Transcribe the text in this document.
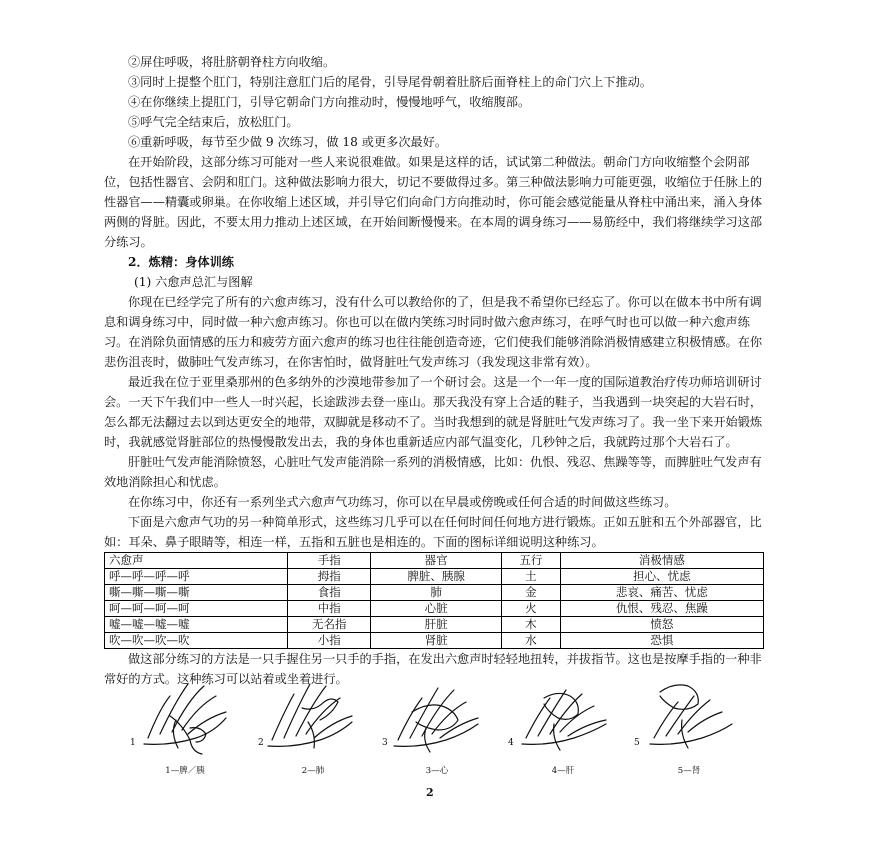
②屏住呼吸，将肚脐朝脊柱方向收缩。

③同时上提整个肛门，特别注意肛门后的尾骨，引导尾骨朝着肚脐后面脊柱上的命门穴上下推动。

④在你继续上提肛门，引导它朝命门方向推动时，慢慢地呼气，收缩腹部。

⑤呼气完全结束后，放松肛门。

⑥重新呼吸，每节至少做 9 次练习，做 18 或更多次最好。

在开始阶段，这部分练习可能对一些人来说很难做。如果是这样的话，试试第二种做法。朝命门方向收缩整个会阴部位，包括性器官、会阴和肛门。这种做法影响力很大，切记不要做得过多。第三种做法影响力可能更强，收缩位于任脉上的性器官——精囊或卵巢。在你收缩上述区域，并引导它们向命门方向推动时，你可能会感觉能量从脊柱中涌出来，涌入身体两侧的肾脏。因此，不要太用力推动上述区域，在开始间断慢慢来。在本周的调身练习——易筋经中，我们将继续学习这部分练习。

2．炼精：身体训练

(1) 六愈声总汇与图解

你现在已经学完了所有的六愈声练习，没有什么可以教给你的了，但是我不希望你已经忘了。你可以在做本书中所有调息和调身练习中，同时做一种六愈声练习。你也可以在做内笑练习时同时做六愈声练习，在呼气时也可以做一种六愈声练习。在消除负面情感的压力和疲劳方面六愈声的练习也往往能创造奇迹，它们使我们能够消除消极情感建立积极情感。在你悲伤沮丧时，做肺吐气发声练习，在你害怕时，做肾脏吐气发声练习（我发现这非常有效）。

最近我在位于亚里桑那州的色多纳外的沙漠地带参加了一个研讨会。这是一个一年一度的国际道教治疗传功师培训研讨会。一天下午我们中一些人一时兴起，长途跋涉去登一座山。那天我没有穿上合适的鞋子，当我遇到一块突起的大岩石时，怎么都无法翻过去以到达更安全的地带，双脚就是移动不了。当时我想到的就是肾脏吐气发声练习了。我一坐下来开始锻炼时，我就感觉肾脏部位的热慢慢散发出去，我的身体也重新适应内部气温变化，几秒钟之后，我就跨过那个大岩石了。

肝脏吐气发声能消除愤怒，心脏吐气发声能消除一系列的消极情感，比如：仇恨、残忍、焦躁等等，而脾脏吐气发声有效地消除担心和忧虑。

在你练习中，你还有一系列坐式六愈声气功练习，你可以在早晨或傍晚或任何合适的时间做这些练习。

下面是六愈声气功的另一种简单形式，这些练习几乎可以在任何时间任何地方进行锻炼。正如五脏和五个外部器官，比如：耳朵、鼻子眼睛等，相连一样，五指和五脏也是相连的。下面的图标详细说明这种练习。

六愈声	手指	器官	五行	消极情感
呼—呼—呼—呼	拇指	脾脏、胰腺	土	担心、忧虑
嘶—嘶—嘶—嘶	食指	肺	金	悲哀、痛苦、忧虑
呵—呵—呵—呵	中指	心脏	火	仇恨、残忍、焦躁
嘘—嘘—嘘—嘘	无名指	肝脏	木	愤怒
吹—吹—吹—吹	小指	肾脏	水	恐惧

做这部分练习的方法是一只手握住另一只手的手指，在发出六愈声时轻轻地扭转，并拔指节。这也是按摩手指的一种非常好的方式。这种练习可以站着或坐着进行。

1
1—脾／胰
2
2—肺
3
3—心
4
4—肝
5
5—肾
2
